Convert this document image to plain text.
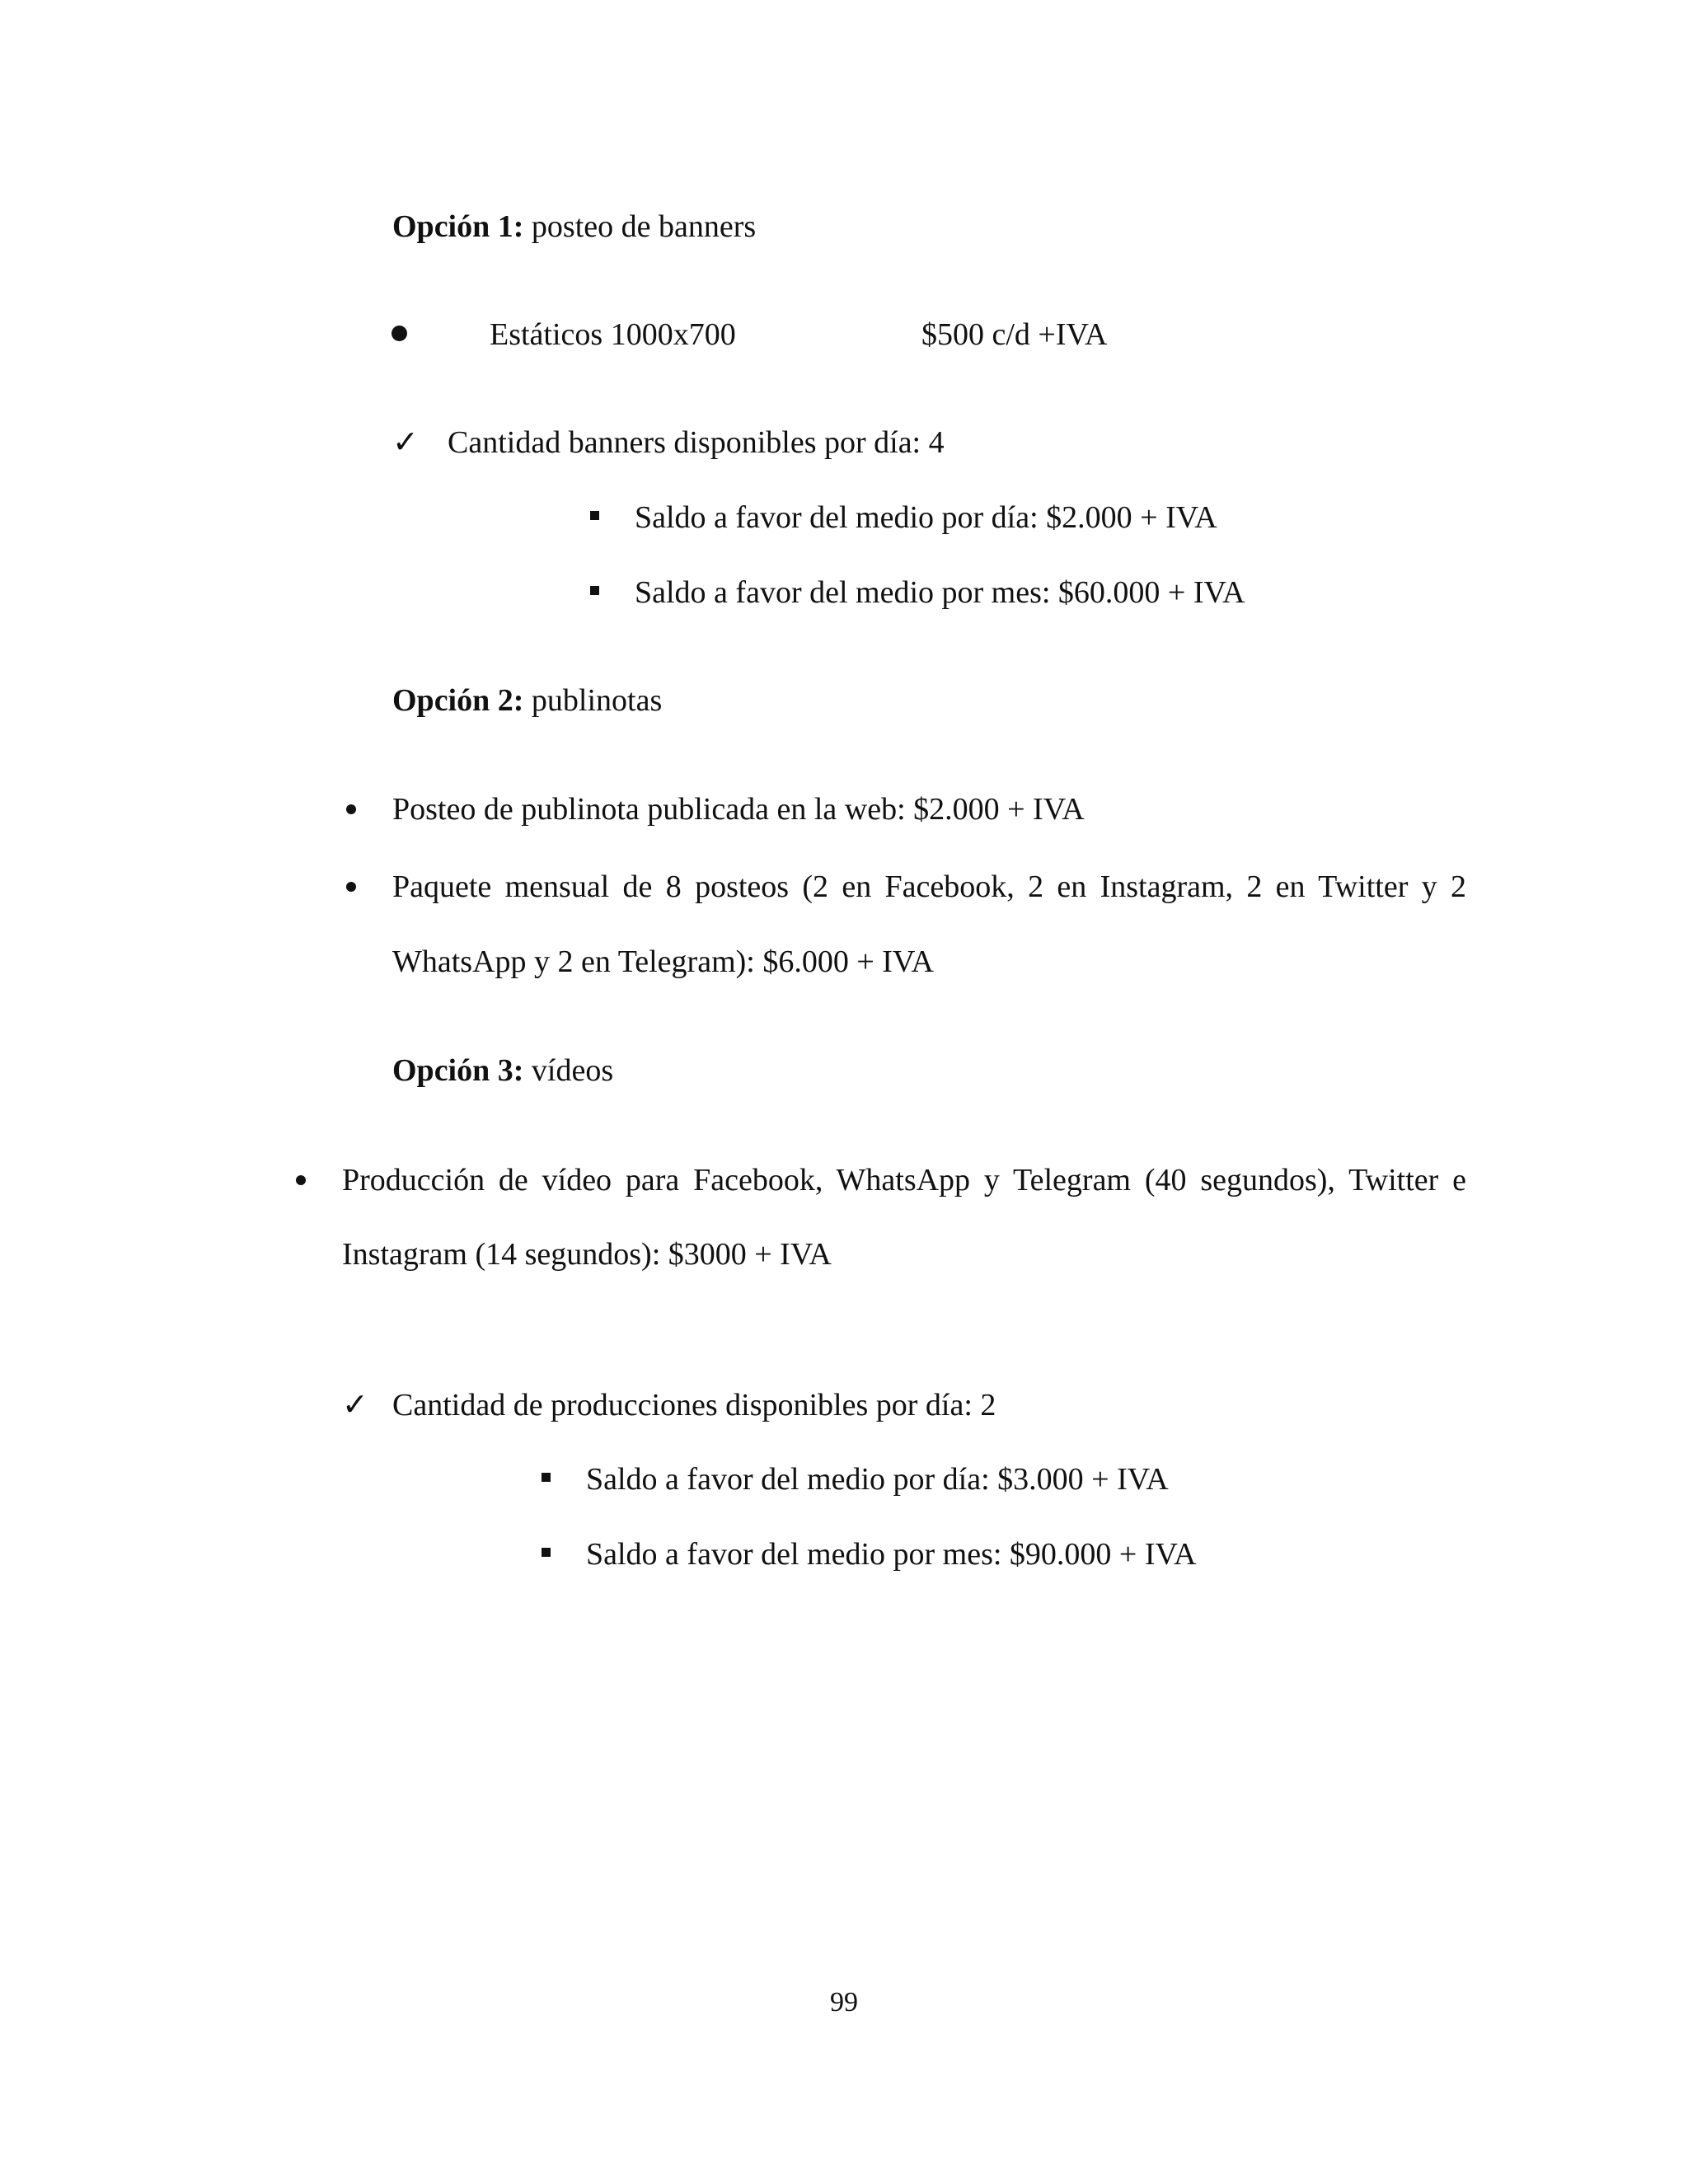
Opción 1: posteo de banners
Estáticos 1000x700	$500 c/d +IVA
✓ Cantidad banners disponibles por día: 4
Saldo a favor del medio por día: $2.000 + IVA
Saldo a favor del medio por mes: $60.000 + IVA
Opción 2: publinotas
Posteo de publinota publicada en la web: $2.000 + IVA
Paquete mensual de 8 posteos (2 en Facebook, 2 en Instagram, 2 en Twitter y 2
WhatsApp y 2 en Telegram): $6.000 + IVA
Opción 3: vídeos
Producción de vídeo para Facebook, WhatsApp y Telegram (40 segundos), Twitter e
Instagram (14 segundos): $3000 + IVA
✓ Cantidad de producciones disponibles por día: 2
Saldo a favor del medio por día: $3.000 + IVA
Saldo a favor del medio por mes: $90.000 + IVA
99
